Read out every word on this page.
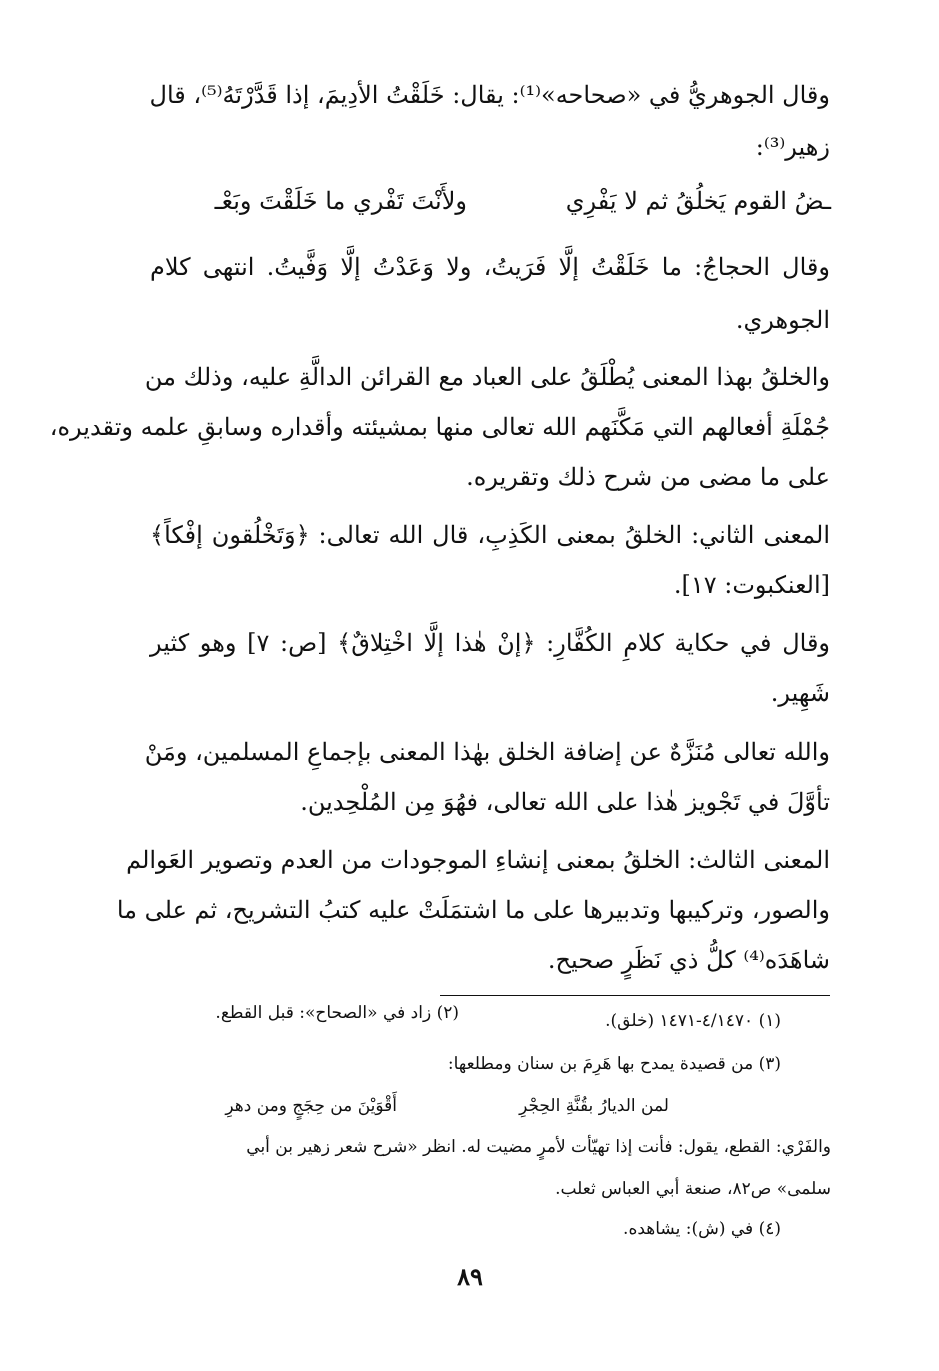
وقال الجوهريُّ في «صحاحه»⁽¹⁾: يقال: خَلَقْتُ الأدِيمَ، إذا قَدَّرْتَهُ⁽⁵⁾، قال
زهير⁽³⁾:
ولأَنْتَ تَفْري ما خَلَقْتَ وبَعْـ	ـضُ القوم يَخلُقُ ثم لا يَفْرِي
وقال الحجاجُ: ما خَلَقْتُ إلَّا فَرَيتُ، ولا وَعَدْتُ إلَّا وَفَّيتُ. انتهى كلام
الجوهري.
والخلقُ بهذا المعنى يُطْلَقُ على العباد مع القرائن الدالَّةِ عليه، وذلك من
جُمْلَةِ أفعالهم التي مَكَّنَهم الله تعالى منها بمشيئته وأقداره وسابقِ علمه وتقديره،
على ما مضى من شرح ذلك وتقريره.
المعنى الثاني: الخلقُ بمعنى الكَذِبِ، قال الله تعالى: ﴿وَتَخْلُقون إفْكاً﴾
[العنكبوت: ١٧].
وقال في حكاية كلامِ الكُفَّارِ: ﴿إنْ هٰذا إلَّا اخْتِلاقٌ﴾ [ص: ٧] وهو كثير
شَهِير.
والله تعالى مُنَزَّهٌ عن إضافة الخلق بهٰذا المعنى بإجماعِ المسلمين، ومَنْ
تأوَّلَ في تَجْويز هٰذا على الله تعالى، فهُوَ مِن المُلْحِدين.
المعنى الثالث: الخلقُ بمعنى إنشاءِ الموجودات من العدم وتصوير العَوالم
والصور، وتركيبها وتدبيرها على ما اشتمَلَتْ عليه كتبُ التشريح، ثم على ما
شاهَدَه⁽⁴⁾ كلُّ ذي نَظَرٍ صحيح.
(١) ٤/١٤٧٠-١٤٧١ (خلق).
(٢) زاد في «الصحاح»: قبل القطع.
(٣) من قصيدة يمدح بها هَرِمَ بن سنان ومطلعها:
لمن الديارُ بقُنَّةِ الحِجْرِ
أَقْوَيْنَ من حِجَجٍ ومن دهرِ
والفَرْي: القطع، يقول: فأنت إذا تهيّأت لأمرٍ مضيت له. انظر «شرح شعر زهير بن أبي
سلمى» ص٨٢، صنعة أبي العباس ثعلب.
(٤) في (ش): يشاهده.
٨٩
